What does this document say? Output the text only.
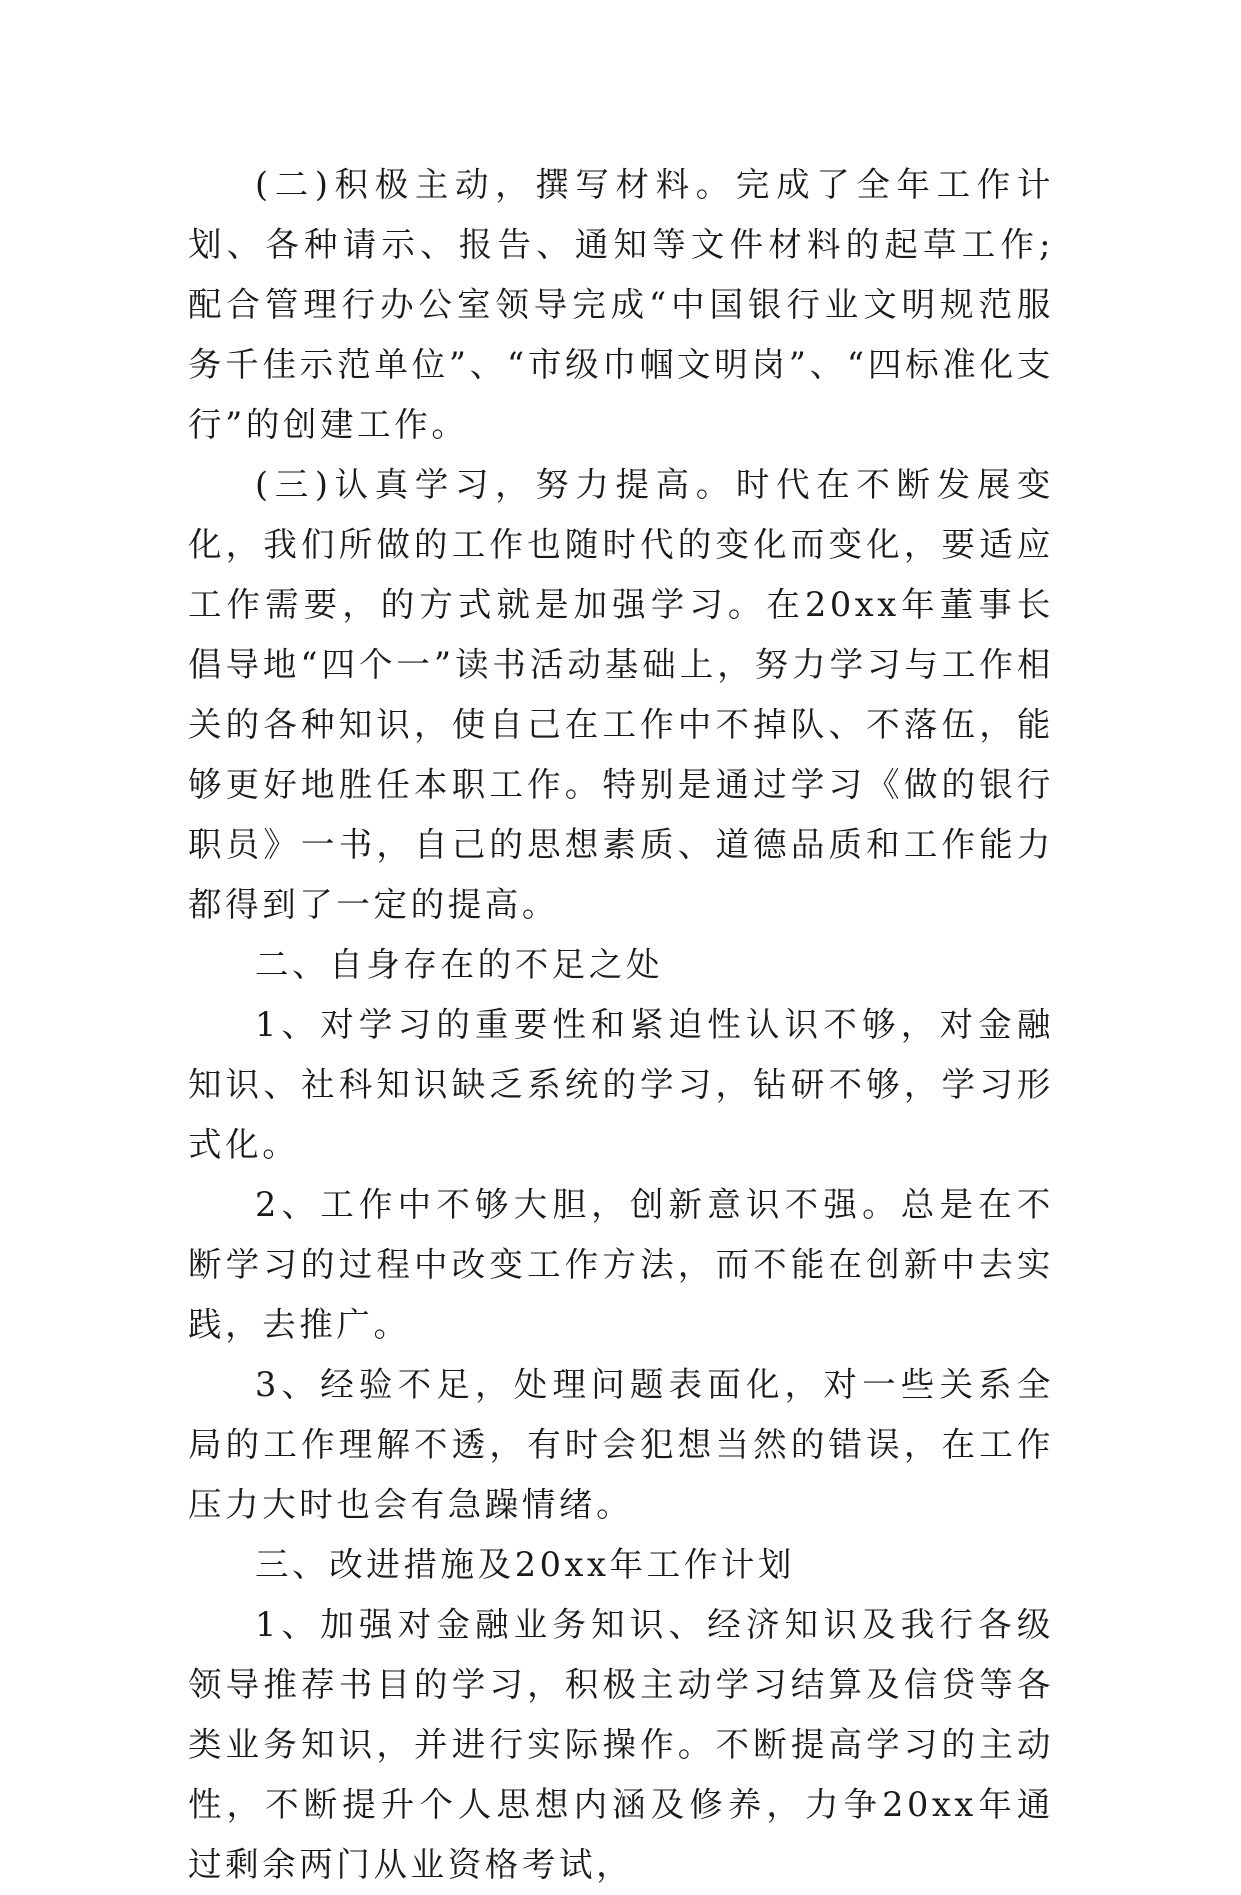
(二)积极主动，撰写材料。完成了全年工作计划、各种请示、报告、通知等文件材料的起草工作;配合管理行办公室领导完成“中国银行业文明规范服务千佳示范单位”、“市级巾帼文明岗”、“四标准化支行”的创建工作。

(三)认真学习，努力提高。时代在不断发展变化，我们所做的工作也随时代的变化而变化，要适应工作需要，的方式就是加强学习。在20xx年董事长倡导地“四个一”读书活动基础上，努力学习与工作相关的各种知识，使自己在工作中不掉队、不落伍，能够更好地胜任本职工作。特别是通过学习《做的银行职员》一书，自己的思想素质、道德品质和工作能力都得到了一定的提高。

二、自身存在的不足之处

1、对学习的重要性和紧迫性认识不够，对金融知识、社科知识缺乏系统的学习，钻研不够，学习形式化。

2、工作中不够大胆，创新意识不强。总是在不断学习的过程中改变工作方法，而不能在创新中去实践，去推广。

3、经验不足，处理问题表面化，对一些关系全局的工作理解不透，有时会犯想当然的错误，在工作压力大时也会有急躁情绪。

三、改进措施及20xx年工作计划

1、加强对金融业务知识、经济知识及我行各级领导推荐书目的学习，积极主动学习结算及信贷等各类业务知识，并进行实际操作。不断提高学习的主动性，不断提升个人思想内涵及修养，力争20xx年通过剩余两门从业资格考试，
